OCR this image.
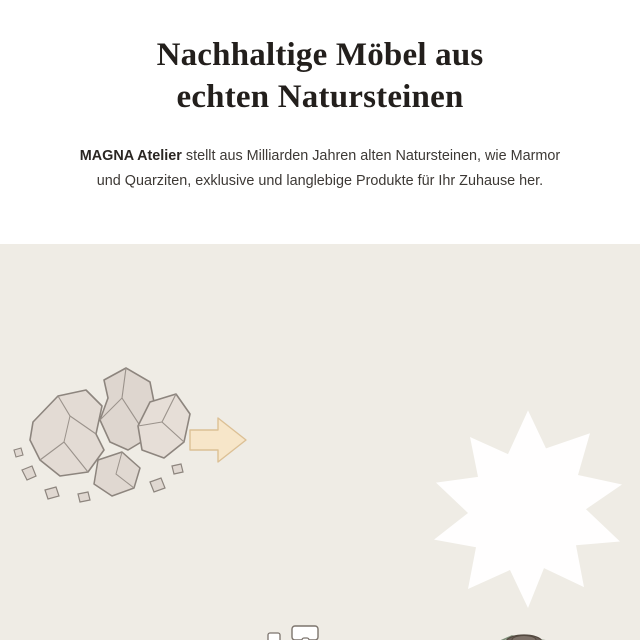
Nachhaltige Möbel aus
echten Natursteinen

MAGNA Atelier stellt aus Milliarden Jahren alten Natursteinen, wie Marmor und Quarziten, exklusive und langlebige Produkte für Ihr Zuhause her.
